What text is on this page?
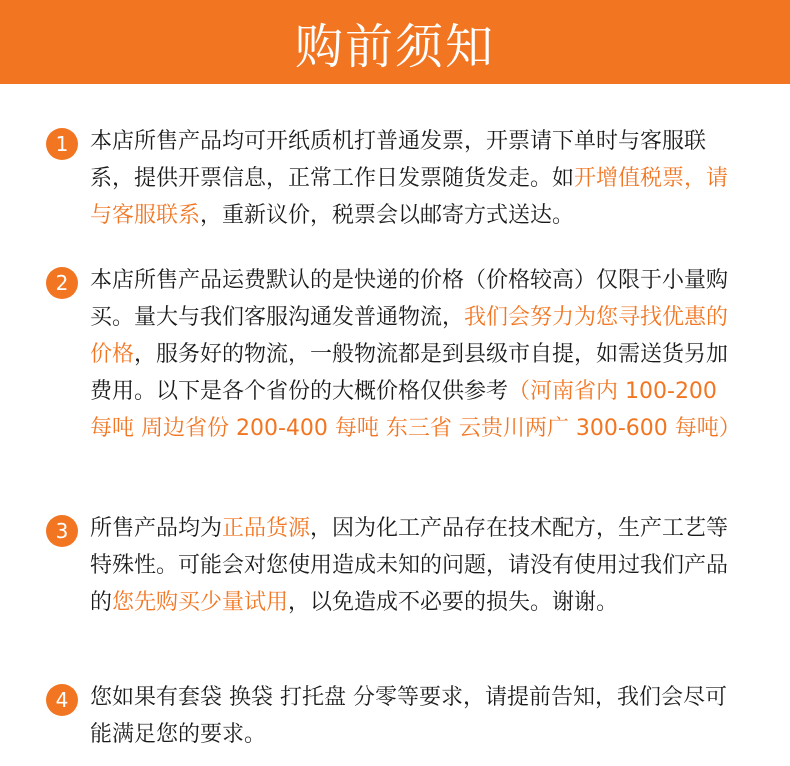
购前须知
1 本店所售产品均可开纸质机打普通发票，开票请下单时与客服联系，提供开票信息，正常工作日发票随货发走。如开增值税票，请与客服联系，重新议价，税票会以邮寄方式送达。

2 本店所售产品运费默认的是快递的价格（价格较高）仅限于小量购买。量大与我们客服沟通发普通物流，我们会努力为您寻找优惠的价格，服务好的物流，一般物流都是到县级市自提，如需送货另加费用。以下是各个省份的大概价格仅供参考（河南省内 100-200 每吨 周边省份 200-400 每吨 东三省 云贵川两广 300-600 每吨）

3 所售产品均为正品货源，因为化工产品存在技术配方，生产工艺等特殊性。可能会对您使用造成未知的问题，请没有使用过我们产品的您先购买少量试用，以免造成不必要的损失。谢谢。

4 您如果有套袋 换袋 打托盘 分零等要求，请提前告知，我们会尽可能满足您的要求。
